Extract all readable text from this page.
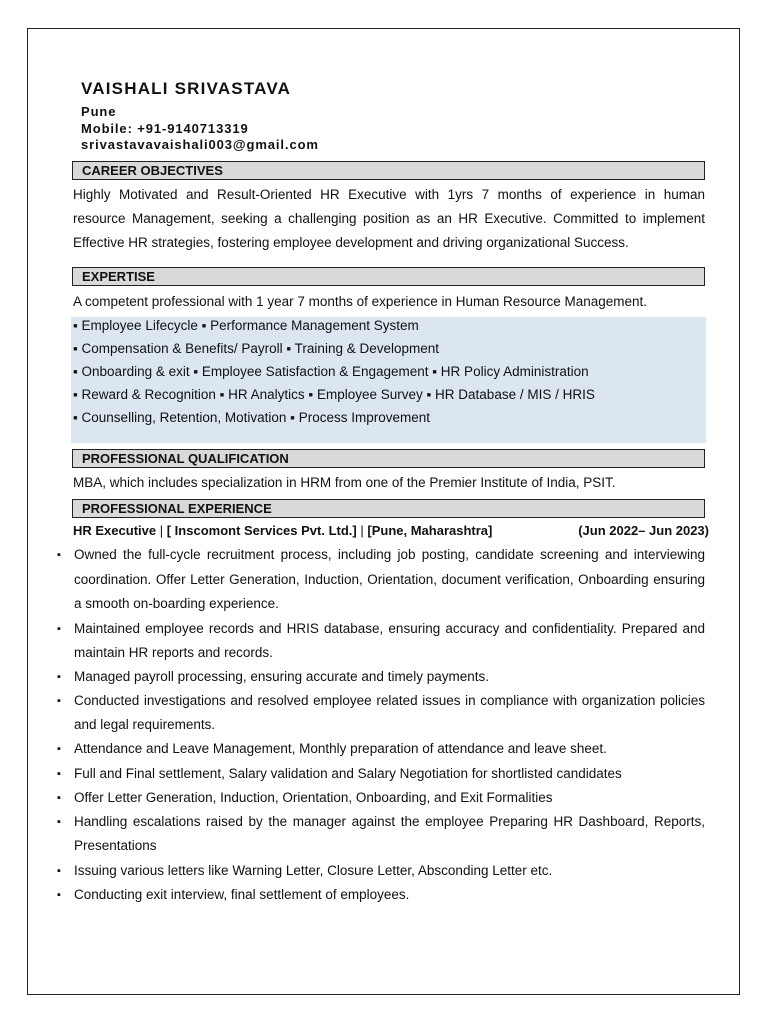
VAISHALI SRIVASTAVA
Pune
Mobile: +91-9140713319
srivastavavaishali003@gmail.com
CAREER OBJECTIVES
Highly Motivated and Result-Oriented HR Executive with 1yrs 7 months of experience in human
resource Management, seeking a challenging position as an HR Executive. Committed to implement
Effective HR strategies, fostering employee development and driving organizational Success.
EXPERTISE
A competent professional with 1 year 7 months of experience in Human Resource Management.
▪ Employee Lifecycle ▪ Performance Management System
▪ Compensation & Benefits/ Payroll ▪ Training & Development
▪ Onboarding & exit ▪ Employee Satisfaction & Engagement ▪ HR Policy Administration
▪ Reward & Recognition ▪ HR Analytics ▪ Employee Survey ▪ HR Database / MIS / HRIS
▪ Counselling, Retention, Motivation ▪ Process Improvement
PROFESSIONAL QUALIFICATION
MBA, which includes specialization in HRM from one of the Premier Institute of India, PSIT.
PROFESSIONAL EXPERIENCE
HR Executive | [ Inscomont Services Pvt. Ltd.] | [Pune, Maharashtra]	(Jun 2022– Jun 2023)
▪ Owned the full-cycle recruitment process, including job posting, candidate screening and interviewing
coordination. Offer Letter Generation, Induction, Orientation, document verification, Onboarding ensuring
a smooth on-boarding experience.
▪ Maintained employee records and HRIS database, ensuring accuracy and confidentiality. Prepared and
maintain HR reports and records.
▪ Managed payroll processing, ensuring accurate and timely payments.
▪ Conducted investigations and resolved employee related issues in compliance with organization policies
and legal requirements.
▪ Attendance and Leave Management, Monthly preparation of attendance and leave sheet.
▪ Full and Final settlement, Salary validation and Salary Negotiation for shortlisted candidates
▪ Offer Letter Generation, Induction, Orientation, Onboarding, and Exit Formalities
▪ Handling escalations raised by the manager against the employee Preparing HR Dashboard, Reports,
Presentations
▪ Issuing various letters like Warning Letter, Closure Letter, Absconding Letter etc.
▪ Conducting exit interview, final settlement of employees.
